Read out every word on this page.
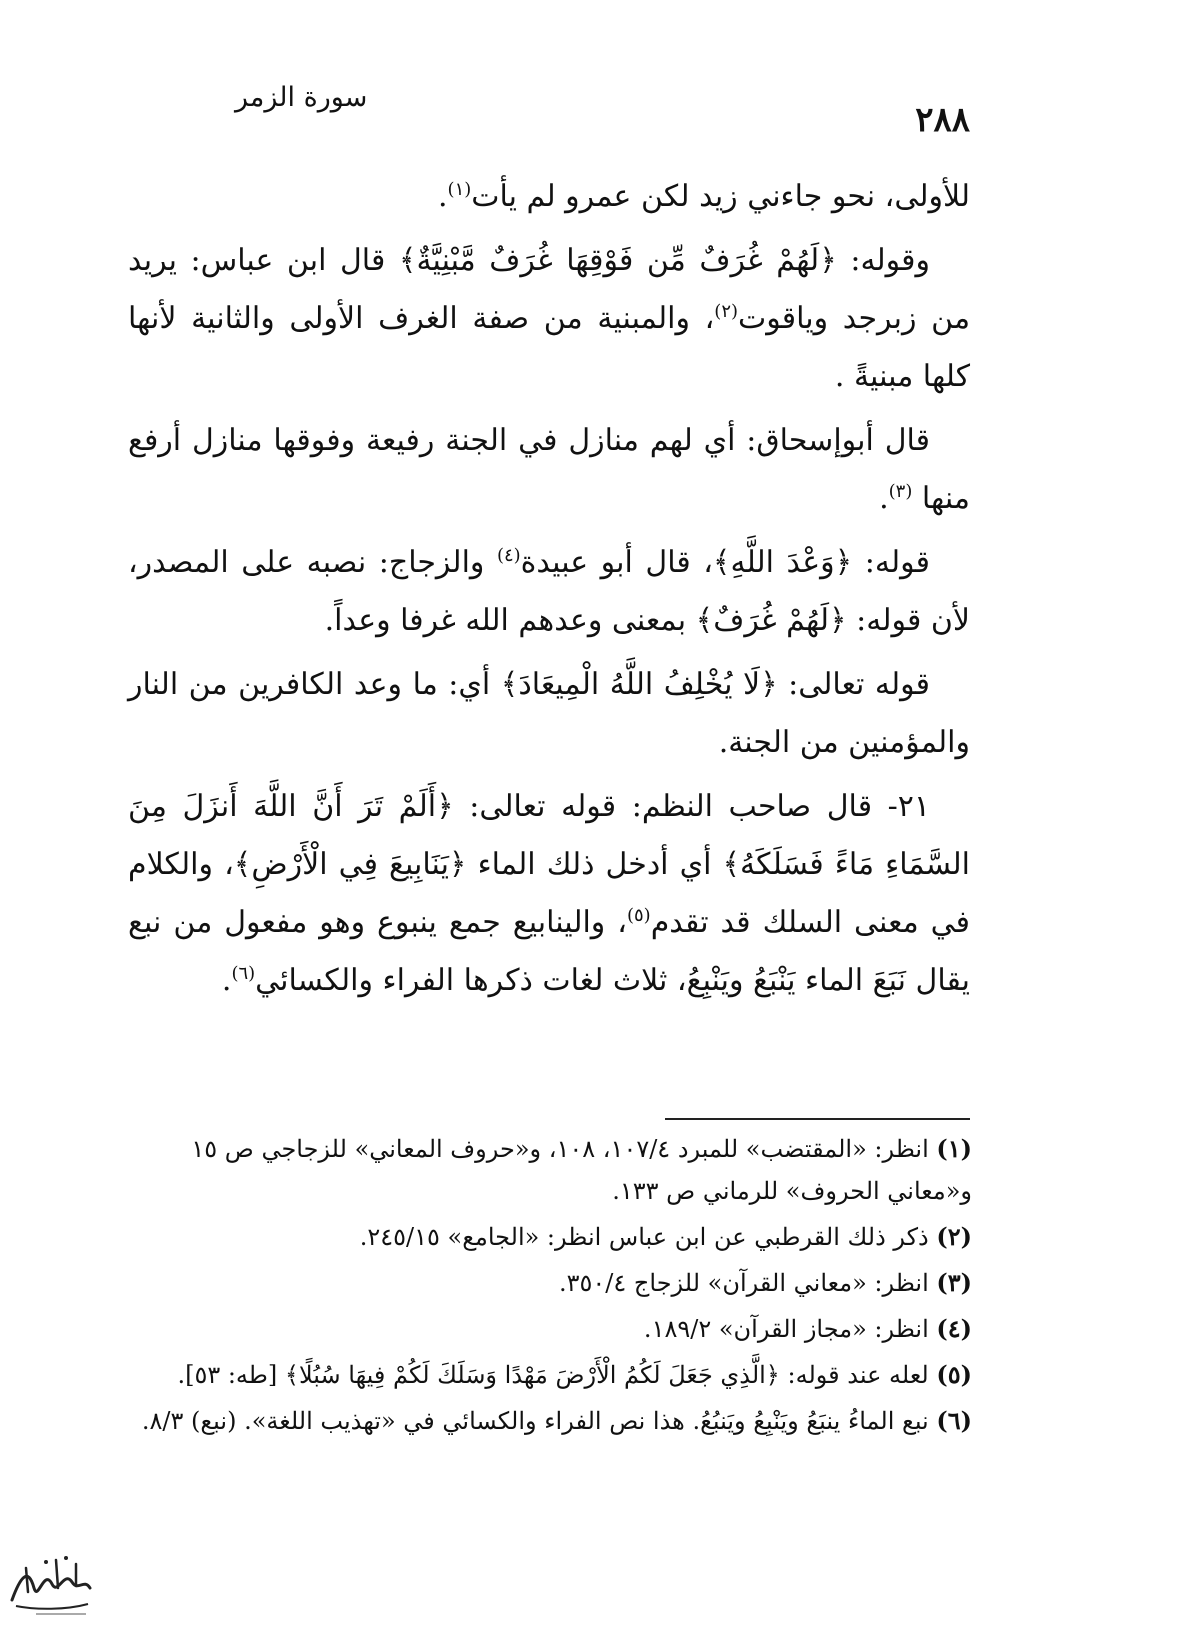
٢٨٨
سورة الزمر

للأولى، نحو جاءني زيد لكن عمرو لم يأت$^{(١)}$.

وقوله: ﴿لَهُمْ غُرَفٌ مِّن فَوْقِهَا غُرَفٌ مَّبْنِيَّةٌ﴾ قال ابن عباس: يريد من زبرجد وياقوت$^{(٢)}$، والمبنية من صفة الغرف الأولى والثانية لأنها كلها مبنيةً .

قال أبوإسحاق: أي لهم منازل في الجنة رفيعة وفوقها منازل أرفع منها $^{(٣)}$.

قوله: ﴿وَعْدَ اللَّهِ﴾، قال أبو عبيدة$^{(٤)}$ والزجاج: نصبه على المصدر، لأن قوله: ﴿لَهُمْ غُرَفٌ﴾ بمعنى وعدهم الله غرفا وعداً.

قوله تعالى: ﴿لَا يُخْلِفُ اللَّهُ الْمِيعَادَ﴾ أي: ما وعد الكافرين من النار والمؤمنين من الجنة.

٢١- قال صاحب النظم: قوله تعالى: ﴿أَلَمْ تَرَ أَنَّ اللَّهَ أَنزَلَ مِنَ السَّمَاءِ مَاءً فَسَلَكَهُ﴾ أي أدخل ذلك الماء ﴿يَنَابِيعَ فِي الْأَرْضِ﴾، والكلام في معنى السلك قد تقدم$^{(٥)}$، والينابيع جمع ينبوع وهو مفعول من نبع يقال نَبَعَ الماء يَنْبَعُ ويَنْبِعُ، ثلاث لغات ذكرها الفراء والكسائي$^{(٦)}$.

(١) انظر: «المقتضب» للمبرد ١٠٧/٤، ١٠٨، و«حروف المعاني» للزجاجي ص ١٥ و«معاني الحروف» للرماني ص ١٣٣.

(٢) ذكر ذلك القرطبي عن ابن عباس انظر: «الجامع» ٢٤٥/١٥.

(٣) انظر: «معاني القرآن» للزجاج ٣٥٠/٤.

(٤) انظر: «مجاز القرآن» ١٨٩/٢.

(٥) لعله عند قوله: ﴿الَّذِي جَعَلَ لَكُمُ الْأَرْضَ مَهْدًا وَسَلَكَ لَكُمْ فِيهَا سُبُلًا﴾ [طه: ٥٣].

(٦) نبع الماءُ ينبَعُ ويَنْبِعُ ويَنبُعُ. هذا نص الفراء والكسائي في «تهذيب اللغة». (نبع) ٨/٣.
